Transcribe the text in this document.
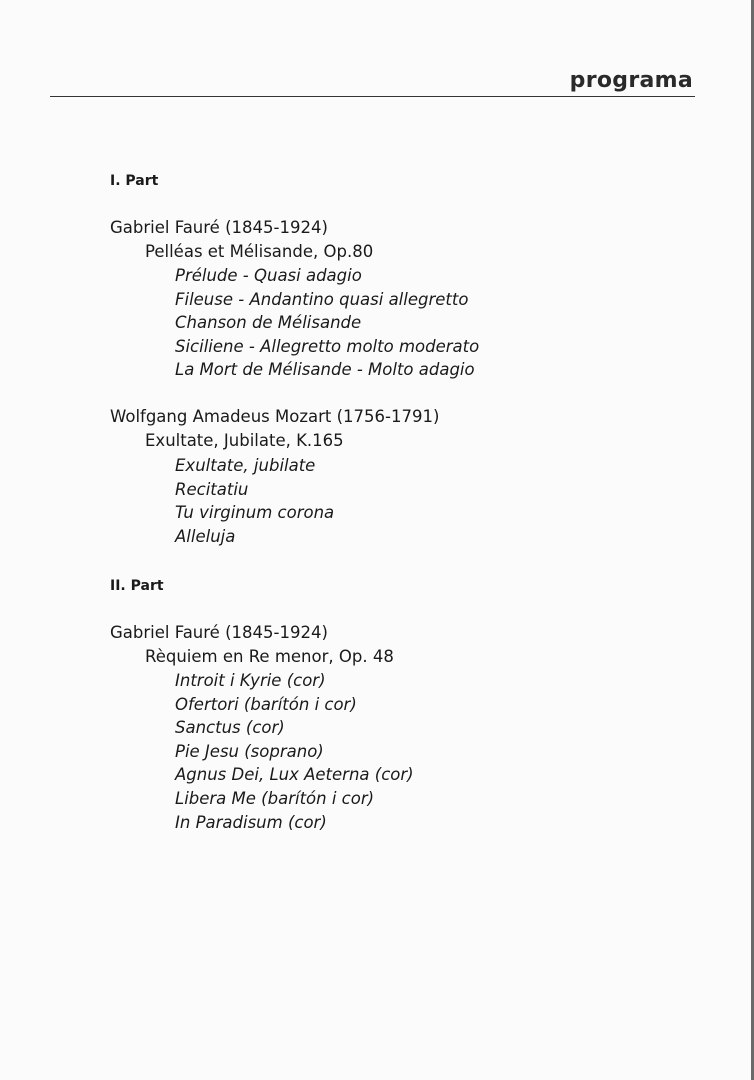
programa
I. Part
Gabriel Fauré (1845-1924)
Pelléas et Mélisande, Op.80
Prélude - Quasi adagio
Fileuse - Andantino quasi allegretto
Chanson de Mélisande
Siciliene - Allegretto molto moderato
La Mort de Mélisande - Molto adagio
Wolfgang Amadeus Mozart (1756-1791)
Exultate, Jubilate, K.165
Exultate, jubilate
Recitatiu
Tu virginum corona
Alleluja
II. Part
Gabriel Fauré (1845-1924)
Rèquiem en Re menor, Op. 48
Introit i Kyrie (cor)
Ofertori (barítón i cor)
Sanctus (cor)
Pie Jesu (soprano)
Agnus Dei, Lux Aeterna (cor)
Libera Me (barítón i cor)
In Paradisum (cor)
